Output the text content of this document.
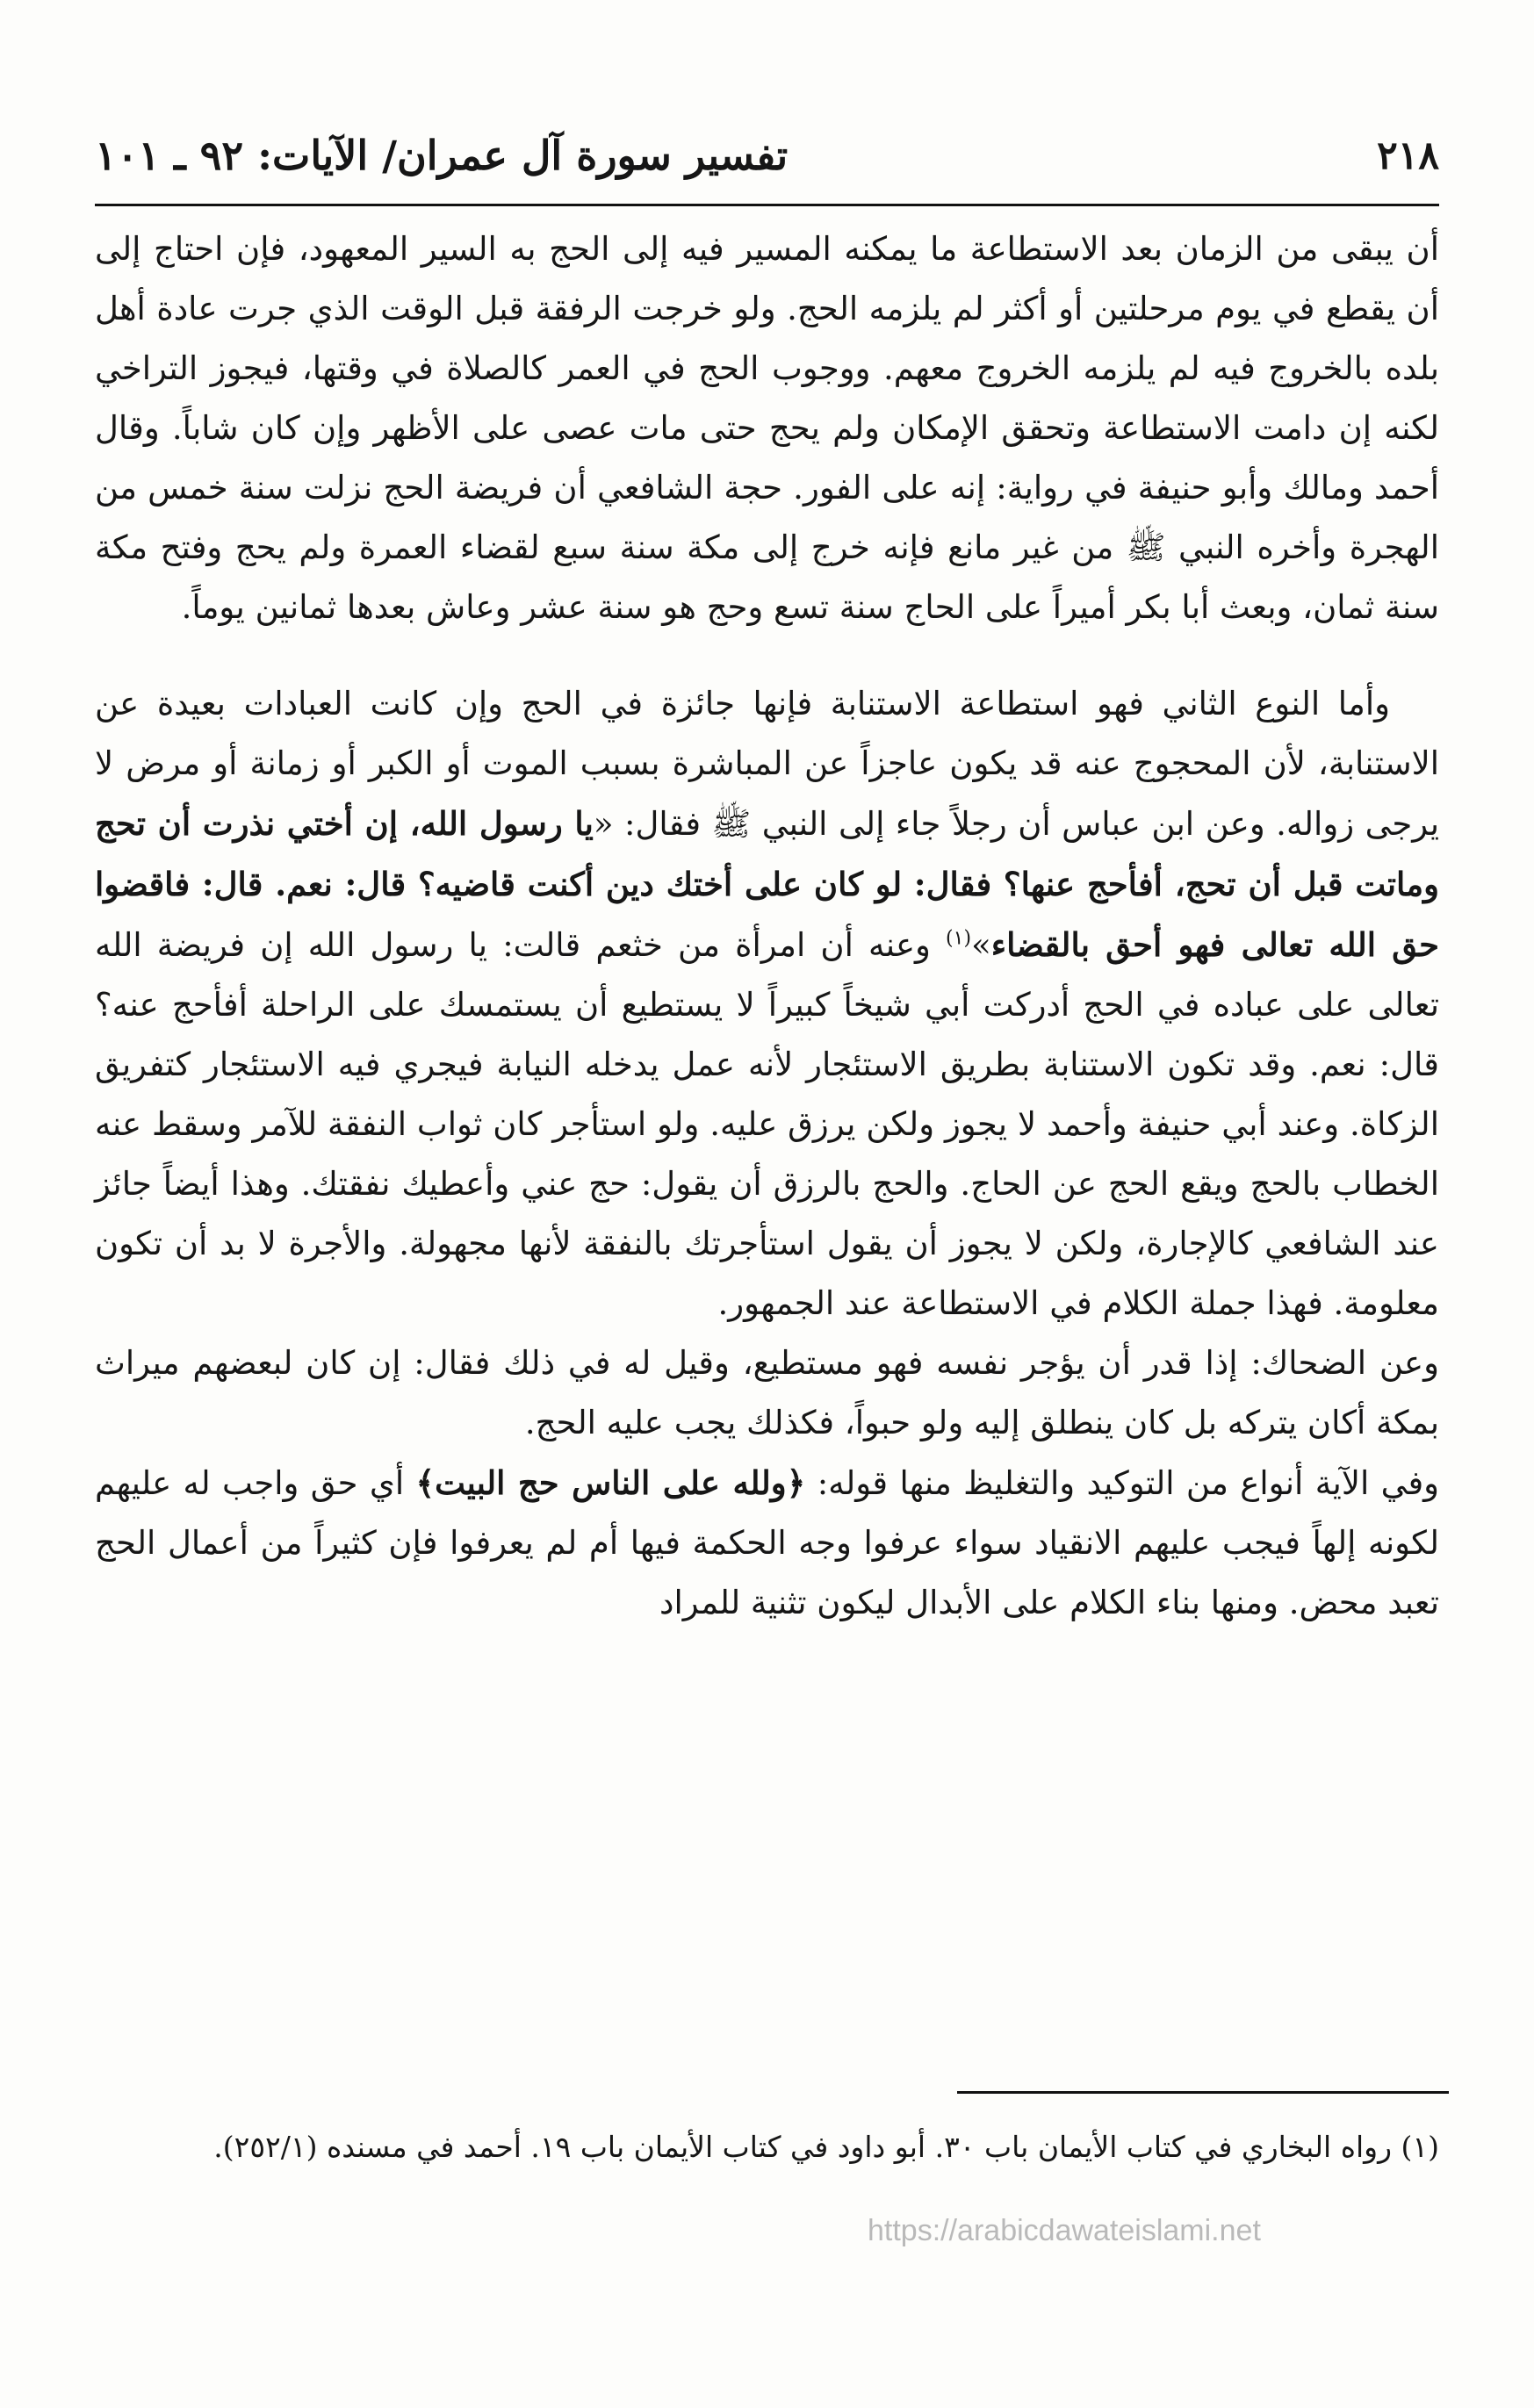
٢١٨
تفسير سورة آل عمران/ الآيات: ٩٢ ـ ١٠١

أن يبقى من الزمان بعد الاستطاعة ما يمكنه المسير فيه إلى الحج به السير المعهود، فإن احتاج إلى أن يقطع في يوم مرحلتين أو أكثر لم يلزمه الحج. ولو خرجت الرفقة قبل الوقت الذي جرت عادة أهل بلده بالخروج فيه لم يلزمه الخروج معهم. ووجوب الحج في العمر كالصلاة في وقتها، فيجوز التراخي لكنه إن دامت الاستطاعة وتحقق الإمكان ولم يحج حتى مات عصى على الأظهر وإن كان شاباً. وقال أحمد ومالك وأبو حنيفة في رواية: إنه على الفور. حجة الشافعي أن فريضة الحج نزلت سنة خمس من الهجرة وأخره النبي ﷺ من غير مانع فإنه خرج إلى مكة سنة سبع لقضاء العمرة ولم يحج وفتح مكة سنة ثمان، وبعث أبا بكر أميراً على الحاج سنة تسع وحج هو سنة عشر وعاش بعدها ثمانين يوماً.

وأما النوع الثاني فهو استطاعة الاستنابة فإنها جائزة في الحج وإن كانت العبادات بعيدة عن الاستنابة، لأن المحجوج عنه قد يكون عاجزاً عن المباشرة بسبب الموت أو الكبر أو زمانة أو مرض لا يرجى زواله. وعن ابن عباس أن رجلاً جاء إلى النبي ﷺ فقال: «يا رسول الله، إن أختي نذرت أن تحج وماتت قبل أن تحج، أفأحج عنها؟ فقال: لو كان على أختك دين أكنت قاضيه؟ قال: نعم. قال: فاقضوا حق الله تعالى فهو أحق بالقضاء»$^{(١)}$ وعنه أن امرأة من خثعم قالت: يا رسول الله إن فريضة الله تعالى على عباده في الحج أدركت أبي شيخاً كبيراً لا يستطيع أن يستمسك على الراحلة أفأحج عنه؟ قال: نعم. وقد تكون الاستنابة بطريق الاستئجار لأنه عمل يدخله النيابة فيجري فيه الاستئجار كتفريق الزكاة. وعند أبي حنيفة وأحمد لا يجوز ولكن يرزق عليه. ولو استأجر كان ثواب النفقة للآمر وسقط عنه الخطاب بالحج ويقع الحج عن الحاج. والحج بالرزق أن يقول: حج عني وأعطيك نفقتك. وهذا أيضاً جائز عند الشافعي كالإجارة، ولكن لا يجوز أن يقول استأجرتك بالنفقة لأنها مجهولة. والأجرة لا بد أن تكون معلومة. فهذا جملة الكلام في الاستطاعة عند الجمهور.

وعن الضحاك: إذا قدر أن يؤجر نفسه فهو مستطيع، وقيل له في ذلك فقال: إن كان لبعضهم ميراث بمكة أكان يتركه بل كان ينطلق إليه ولو حبواً، فكذلك يجب عليه الحج.

وفي الآية أنواع من التوكيد والتغليظ منها قوله: ﴿ولله على الناس حج البيت﴾ أي حق واجب له عليهم لكونه إلهاً فيجب عليهم الانقياد سواء عرفوا وجه الحكمة فيها أم لم يعرفوا فإن كثيراً من أعمال الحج تعبد محض. ومنها بناء الكلام على الأبدال ليكون تثنية للمراد

(١) رواه البخاري في كتاب الأيمان باب ٣٠. أبو داود في كتاب الأيمان باب ١٩. أحمد في مسنده (٢٥٢/١).
https://arabicdawateislami.net
